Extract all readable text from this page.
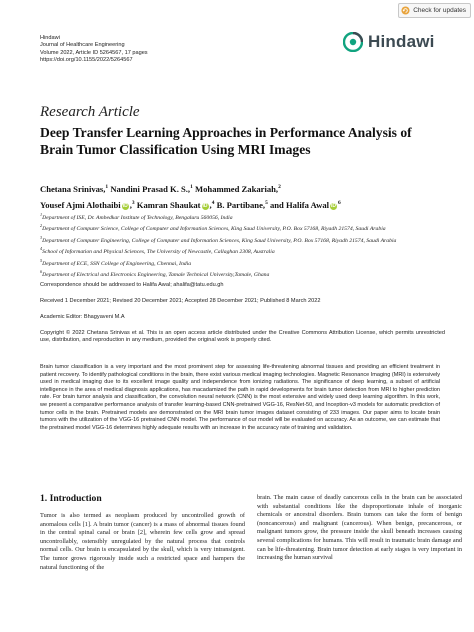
Check for updates
Hindawi
Journal of Healthcare Engineering
Volume 2022, Article ID 5264567, 17 pages
https://doi.org/10.1155/2022/5264567
Hindawi
Research Article
Deep Transfer Learning Approaches in Performance Analysis of Brain Tumor Classification Using MRI Images
Chetana Srinivas,$^1$ Nandini Prasad K. S.,$^1$ Mohammed Zakariah,$^2$
Yousef Ajmi Alothaibi iD ,$^3$ Kamran Shaukat iD ,$^4$ B. Partibane,$^5$ and Halifa Awal iD $^6$
$^1$Department of ISE, Dr. Ambedkar Institute of Technology, Bengaluru 560056, India
$^2$Department of Computer Science, College of Computer and Information Sciences, King Saud University, P.O. Box 57168, Riyadh 21574, Saudi Arabia
$^3$Department of Computer Engineering, College of Computer and Information Sciences, King Saud University, P.O. Box 57168, Riyadh 21574, Saudi Arabia
$^4$School of Information and Physical Sciences, The University of Newcastle, Callaghan 2308, Australia
$^5$Department of ECE, SSN College of Engineering, Chennai, India
$^6$Department of Electrical and Electronics Engineering, Tamale Technical University,Tamale, Ghana
Correspondence should be addressed to Halifa Awal; ahalifa@tatu.edu.gh
Received 1 December 2021; Revised 20 December 2021; Accepted 28 December 2021; Published 8 March 2022
Academic Editor: Bhagyaveni M.A
Copyright © 2022 Chetana Srinivas et al. This is an open access article distributed under the Creative Commons Attribution License, which permits unrestricted use, distribution, and reproduction in any medium, provided the original work is properly cited.
Brain tumor classification is a very important and the most prominent step for assessing life-threatening abnormal tissues and providing an efficient treatment in patient recovery. To identify pathological conditions in the brain, there exist various medical imaging technologies. Magnetic Resonance Imaging (MRI) is extensively used in medical imaging due to its excellent image quality and independence from ionizing radiations. The significance of deep learning, a subset of artificial intelligence in the area of medical diagnosis applications, has macadamized the path in rapid developments for brain tumor detection from MRI to higher prediction rate. For brain tumor analysis and classification, the convolution neural network (CNN) is the most extensive and widely used deep learning algorithm. In this work, we present a comparative performance analysis of transfer learning-based CNN-pretrained VGG-16, ResNet-50, and Inception-v3 models for automatic prediction of tumor cells in the brain. Pretrained models are demonstrated on the MRI brain tumor images dataset consisting of 233 images. Our paper aims to locate brain tumors with the utilization of the VGG-16 pretrained CNN model. The performance of our model will be evaluated on accuracy. As an outcome, we can estimate that the pretrained model VGG-16 determines highly adequate results with an increase in the accuracy rate of training and validation.
1. Introduction
Tumor is also termed as neoplasm produced by uncontrolled growth of anomalous cells [1]. A brain tumor (cancer) is a mass of abnormal tissues found in the central spinal canal or brain [2], wherein few cells grow and spread uncontrollably, ostensibly unregulated by the natural process that controls normal cells. Our brain is encapsulated by the skull, which is very intransigent. The tumor grows rigorously inside such a restricted space and hampers the natural functioning of the
brain. The main cause of deadly cancerous cells in the brain can be associated with substantial conditions like the disproportionate inhale of inorganic chemicals or ancestral disorders. Brain tumors can take the form of benign (noncancerous) and malignant (cancerous). When benign, precancerous, or malignant tumors grow, the pressure inside the skull beneath increases causing several complications for humans. This will result in traumatic brain damage and can be life-threatening. Brain tumor detection at early stages is very important in increasing the human survival
